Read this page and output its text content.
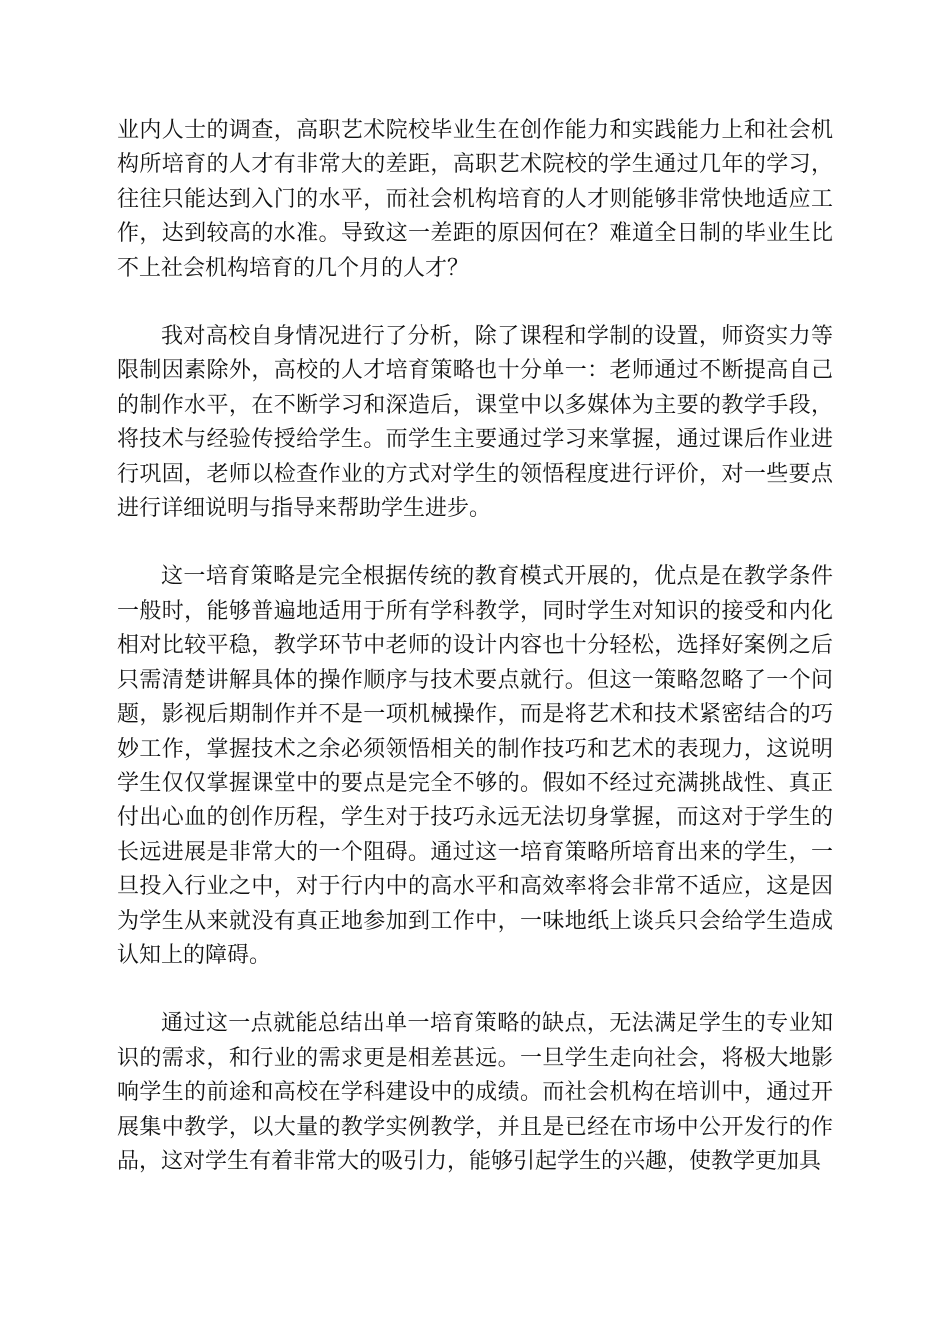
业内人士的调查，高职艺术院校毕业生在创作能力和实践能力上和社会机构所培育的人才有非常大的差距，高职艺术院校的学生通过几年的学习，往往只能达到入门的水平，而社会机构培育的人才则能够非常快地适应工作，达到较高的水准。导致这一差距的原因何在？难道全日制的毕业生比不上社会机构培育的几个月的人才？

我对高校自身情况进行了分析，除了课程和学制的设置，师资实力等限制因素除外，高校的人才培育策略也十分单一：老师通过不断提高自己的制作水平，在不断学习和深造后，课堂中以多媒体为主要的教学手段，将技术与经验传授给学生。而学生主要通过学习来掌握，通过课后作业进行巩固，老师以检查作业的方式对学生的领悟程度进行评价，对一些要点进行详细说明与指导来帮助学生进步。

这一培育策略是完全根据传统的教育模式开展的，优点是在教学条件一般时，能够普遍地适用于所有学科教学，同时学生对知识的接受和内化相对比较平稳，教学环节中老师的设计内容也十分轻松，选择好案例之后只需清楚讲解具体的操作顺序与技术要点就行。但这一策略忽略了一个问题，影视后期制作并不是一项机械操作，而是将艺术和技术紧密结合的巧妙工作，掌握技术之余必须领悟相关的制作技巧和艺术的表现力，这说明学生仅仅掌握课堂中的要点是完全不够的。假如不经过充满挑战性、真正付出心血的创作历程，学生对于技巧永远无法切身掌握，而这对于学生的长远进展是非常大的一个阻碍。通过这一培育策略所培育出来的学生，一旦投入行业之中，对于行内中的高水平和高效率将会非常不适应，这是因为学生从来就没有真正地参加到工作中，一味地纸上谈兵只会给学生造成认知上的障碍。

通过这一点就能总结出单一培育策略的缺点，无法满足学生的专业知识的需求，和行业的需求更是相差甚远。一旦学生走向社会，将极大地影响学生的前途和高校在学科建设中的成绩。而社会机构在培训中，通过开展集中教学，以大量的教学实例教学，并且是已经在市场中公开发行的作品，这对学生有着非常大的吸引力，能够引起学生的兴趣，使教学更加具
